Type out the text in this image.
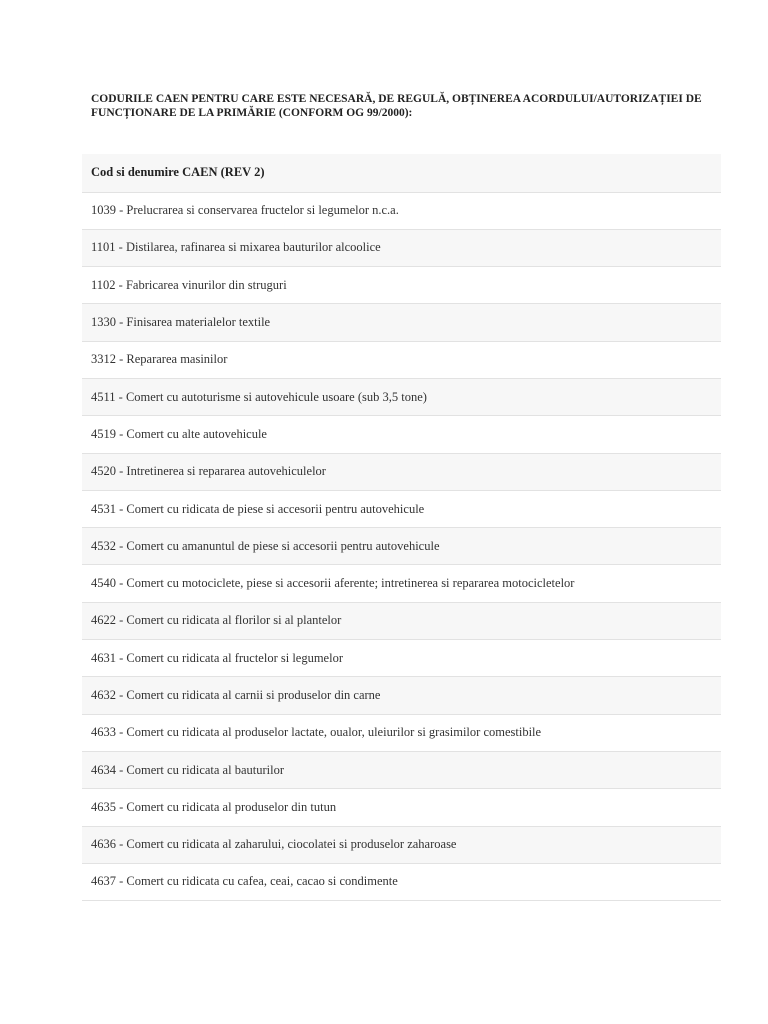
CODURILE CAEN PENTRU CARE ESTE NECESARĂ, DE REGULĂ, OBȚINEREA ACORDULUI/AUTORIZAȚIEI DE FUNCȚIONARE DE LA PRIMĂRIE (CONFORM OG 99/2000):
Cod si denumire CAEN (REV 2)
1039 - Prelucrarea si conservarea fructelor si legumelor n.c.a.
1101 - Distilarea, rafinarea si mixarea bauturilor alcoolice
1102 - Fabricarea vinurilor din struguri
1330 - Finisarea materialelor textile
3312 - Repararea masinilor
4511 - Comert cu autoturisme si autovehicule usoare (sub 3,5 tone)
4519 - Comert cu alte autovehicule
4520 - Intretinerea si repararea autovehiculelor
4531 - Comert cu ridicata de piese si accesorii pentru autovehicule
4532 - Comert cu amanuntul de piese si accesorii pentru autovehicule
4540 - Comert cu motociclete, piese si accesorii aferente; intretinerea si repararea motocicletelor
4622 - Comert cu ridicata al florilor si al plantelor
4631 - Comert cu ridicata al fructelor si legumelor
4632 - Comert cu ridicata al carnii si produselor din carne
4633 - Comert cu ridicata al produselor lactate, oualor, uleiurilor si grasimilor comestibile
4634 - Comert cu ridicata al bauturilor
4635 - Comert cu ridicata al produselor din tutun
4636 - Comert cu ridicata al zaharului, ciocolatei si produselor zaharoase
4637 - Comert cu ridicata cu cafea, ceai, cacao si condimente
